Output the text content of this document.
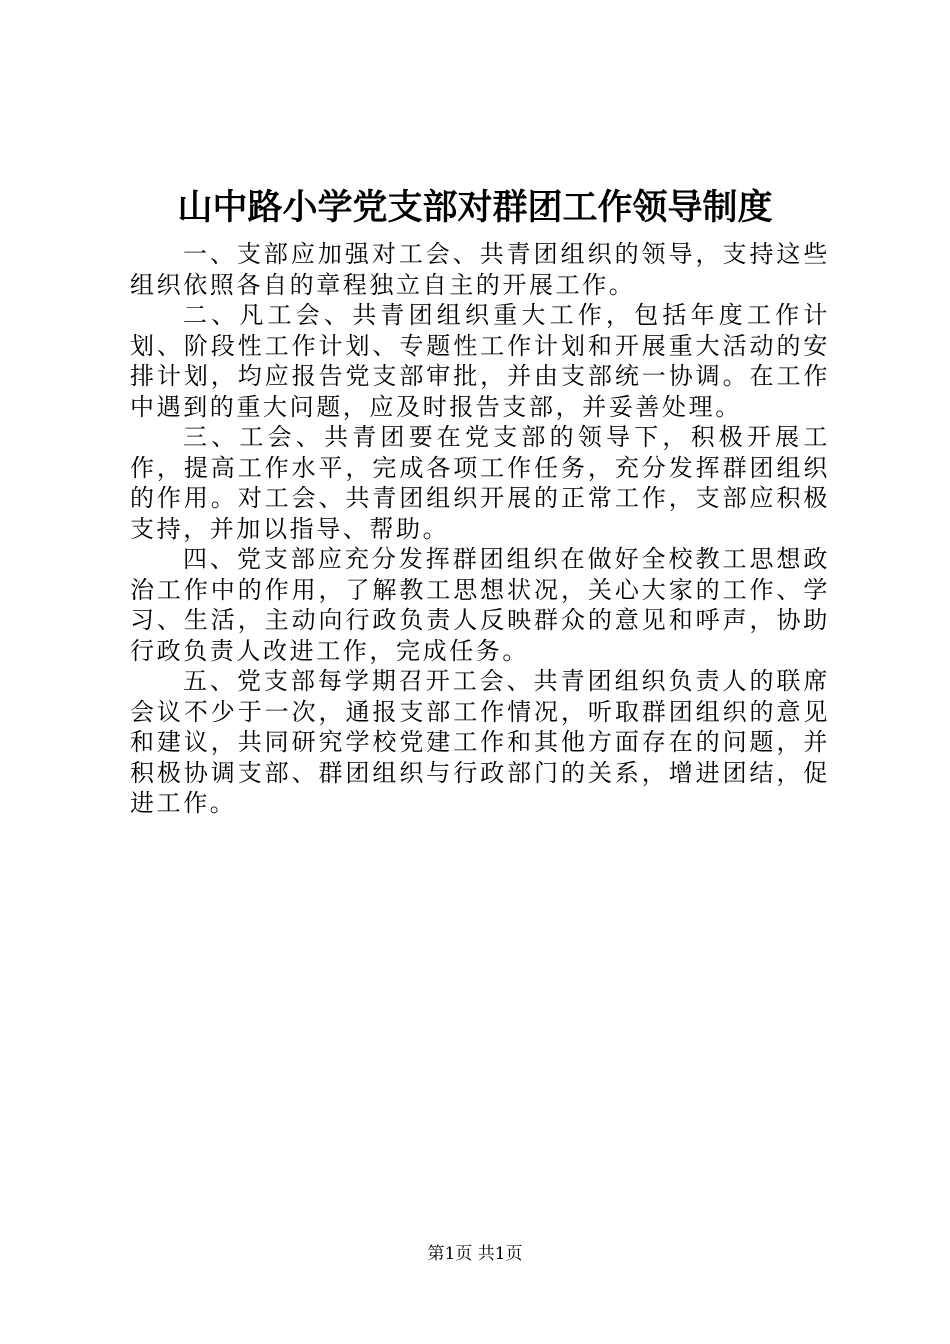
山中路小学党支部对群团工作领导制度

一、支部应加强对工会、共青团组织的领导，支持这些组织依照各自的章程独立自主的开展工作。

二、凡工会、共青团组织重大工作，包括年度工作计划、阶段性工作计划、专题性工作计划和开展重大活动的安排计划，均应报告党支部审批，并由支部统一协调。在工作中遇到的重大问题，应及时报告支部，并妥善处理。

三、工会、共青团要在党支部的领导下，积极开展工作，提高工作水平，完成各项工作任务，充分发挥群团组织的作用。对工会、共青团组织开展的正常工作，支部应积极支持，并加以指导、帮助。

四、党支部应充分发挥群团组织在做好全校教工思想政治工作中的作用，了解教工思想状况，关心大家的工作、学习、生活，主动向行政负责人反映群众的意见和呼声，协助行政负责人改进工作，完成任务。

五、党支部每学期召开工会、共青团组织负责人的联席会议不少于一次，通报支部工作情况，听取群团组织的意见和建议，共同研究学校党建工作和其他方面存在的问题，并积极协调支部、群团组织与行政部门的关系，增进团结，促进工作。

第1页 共1页
